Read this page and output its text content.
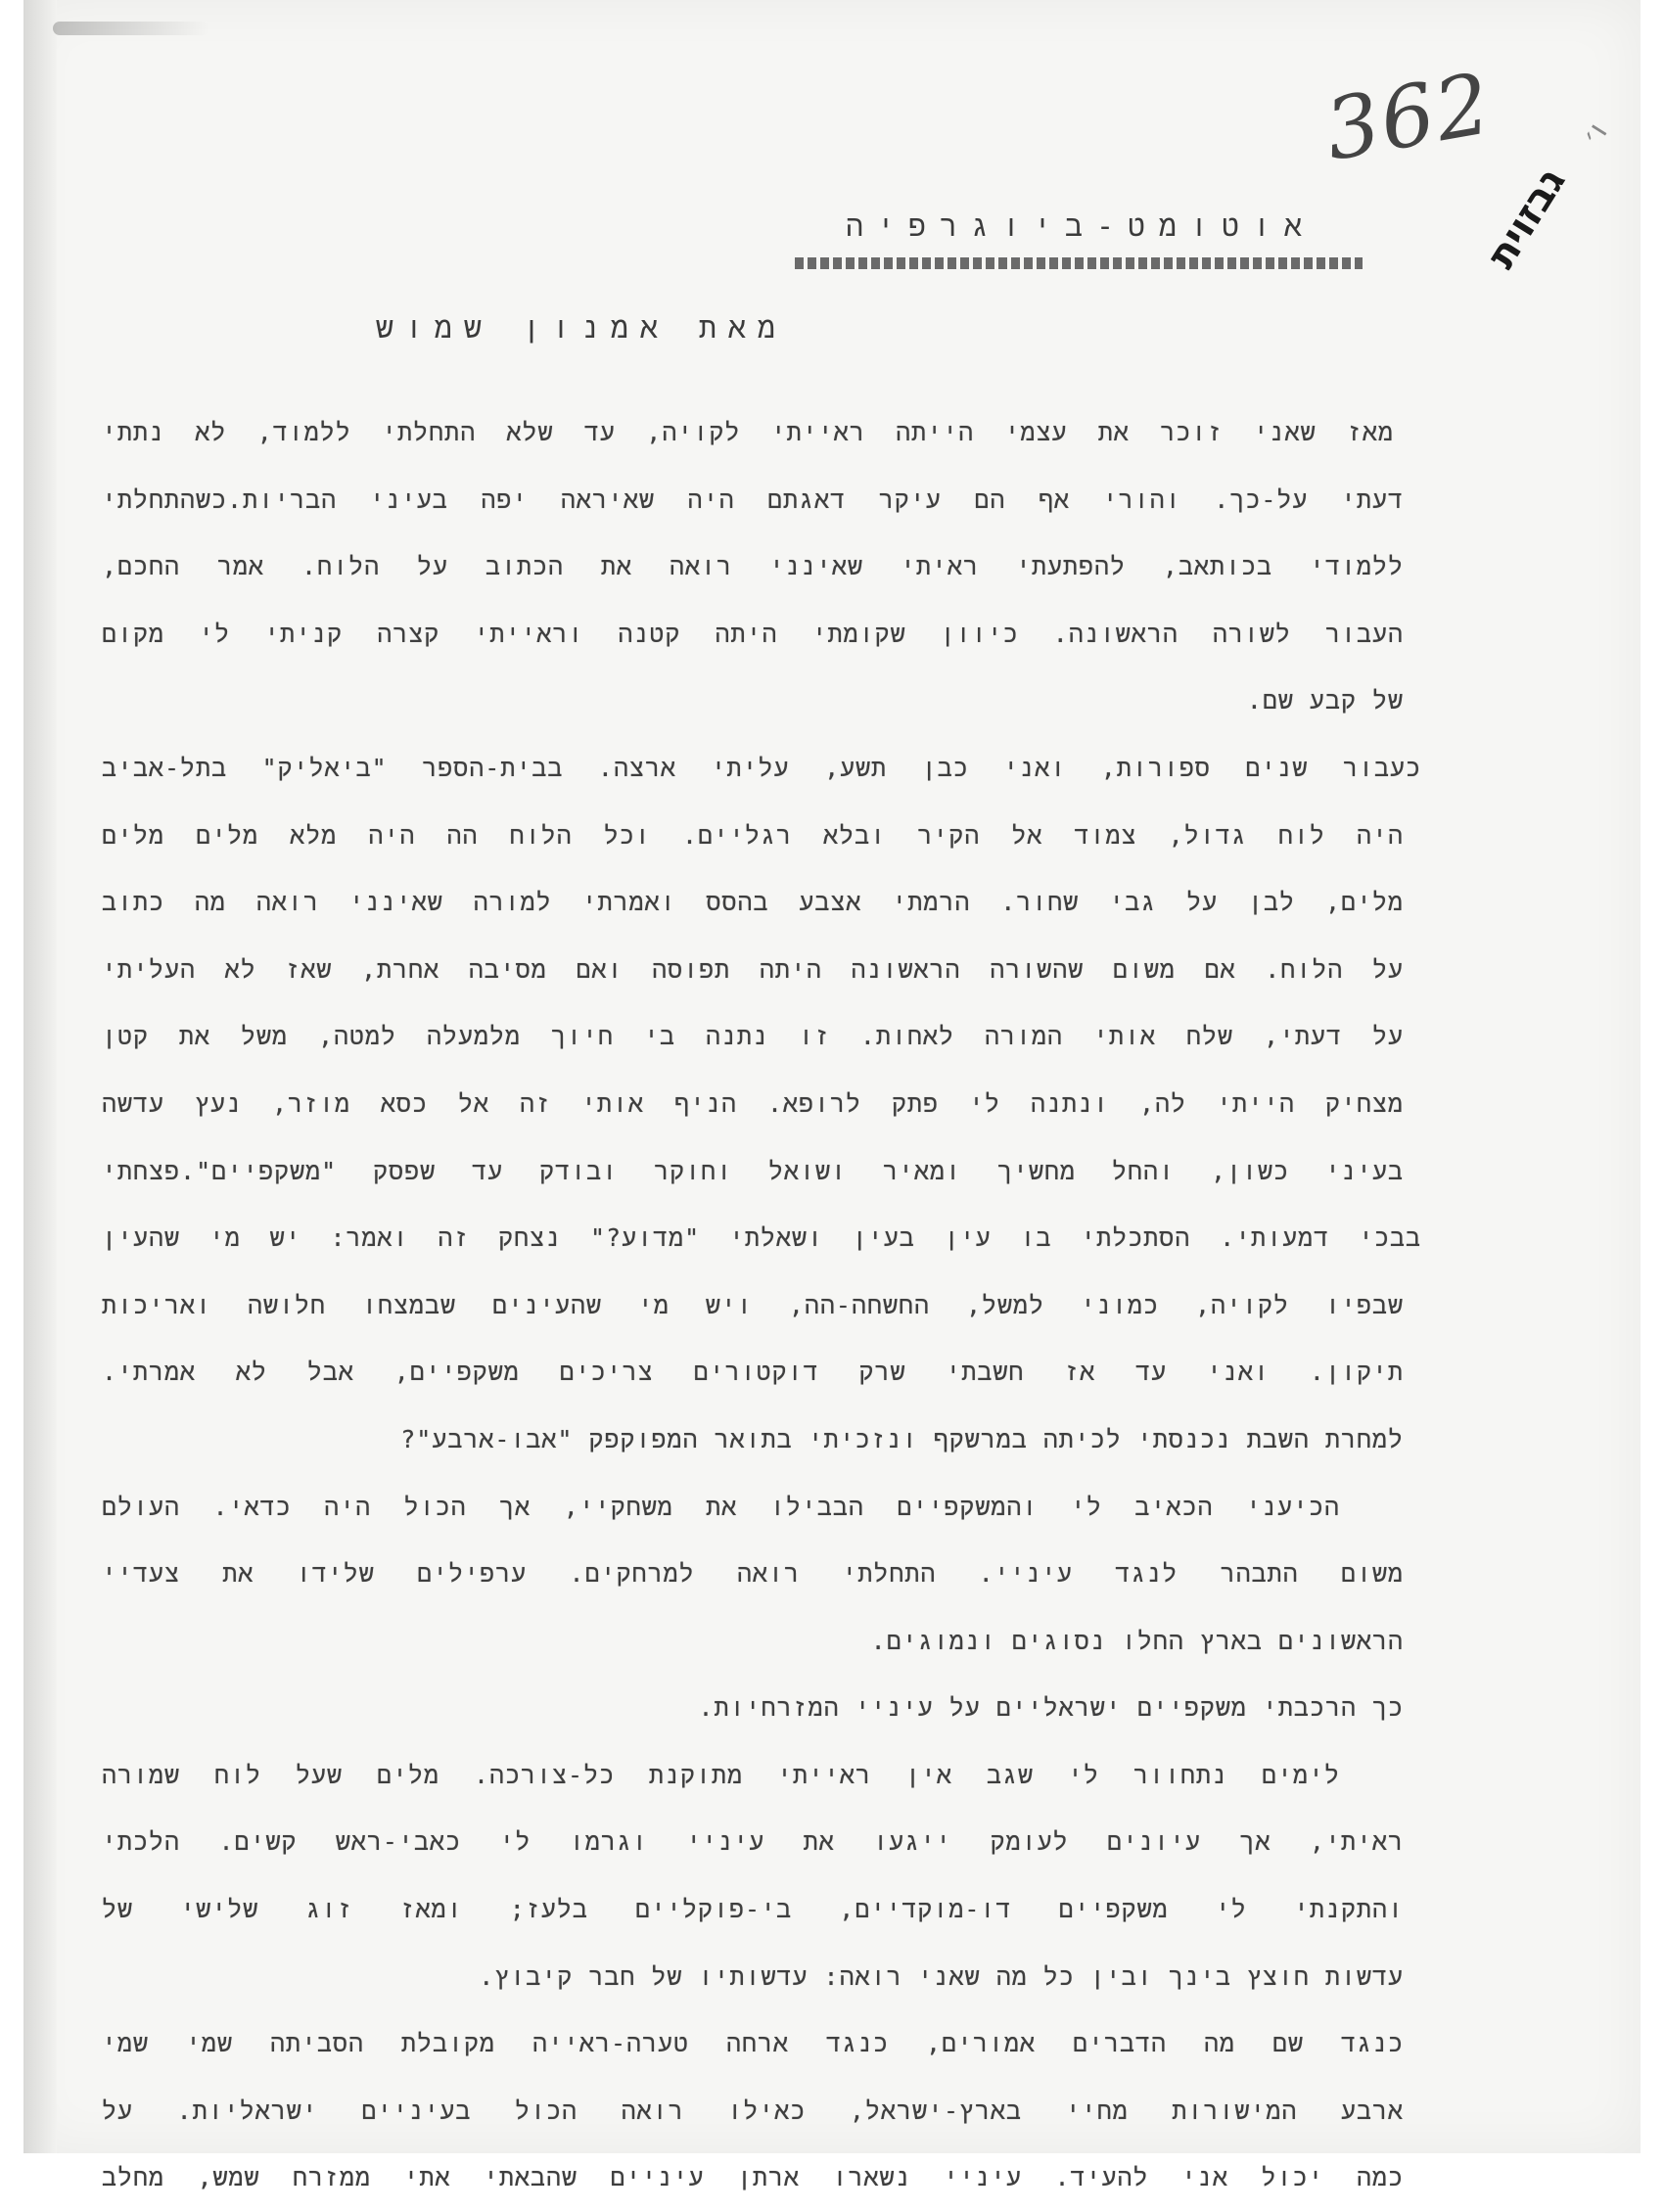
362
גבזוית
ו׳
אוטומט-ביוגרפיה
מאת אמנון שמוש
מאז שאני זוכר את עצמי הייתה ראייתי לקויה, עד שלא התחלתי ללמוד, לא נתתי
דעתי על-כך. והורי אף הם עיקר דאגתם היה שאיראה יפה בעיני הבריות.כשהתחלתי
ללמודי בכותאב, להפתעתי ראיתי שאינני רואה את הכתוב על הלוח. אמר החכם,
העבור לשורה הראשונה. כיוון שקומתי היתה קטנה וראייתי קצרה קניתי לי מקום
של קבע שם.
כעבור שנים ספורות, ואני כבן תשע, עליתי ארצה. בבית-הספר "ביאליק" בתל-אביב
היה לוח גדול, צמוד אל הקיר ובלא רגליים. וכל הלוח הה היה מלא מלים מלים
מלים, לבן על גבי שחור. הרמתי אצבע בהסס ואמרתי למורה שאינני רואה מה כתוב
על הלוח. אם משום שהשורה הראשונה היתה תפוסה ואם מסיבה אחרת, שאז לא העליתי
על דעתי, שלח אותי המורה לאחות. זו נתנה בי חיוך מלמעלה למטה, משל את קטן
מצחיק הייתי לה, ונתנה לי פתק לרופא. הניף אותי זה אל כסא מוזר, נעץ עדשה
בעיני כשון, והחל מחשיך ומאיר ושואל וחוקר ובודק עד שפסק "משקפיים".פצחתי
בבכי דמעותי. הסתכלתי בו עין בעין ושאלתי "מדוע?" נצחק זה ואמר: יש מי שהעין
שבפיו לקויה, כמוני למשל, החשחה-הה, ויש מי שהעינים שבמצחו חלושה ואריכות
תיקון. ואני עד אז חשבתי שרק דוקטורים צריכים משקפיים, אבל לא אמרתי.
למחרת השבת נכנסתי לכיתה במרשקף ונזכיתי בתואר המפוקפק "אבו-ארבע"?
הכיעני הכאיב לי והמשקפיים הבבילו את משחקיי, אך הכול היה כדאי. העולם
משום התבהר לנגד עיניי. התחלתי רואה למרחקים. ערפילים שלידו את צעדיי
הראשונים בארץ החלו נסוגים ונמוגים.
כך הרכבתי משקפיים ישראליים על עיניי המזרחיות.
לימים נתחוור לי שגב אין ראייתי מתוקנת כל-צורכה. מלים שעל לוח שמורה
ראיתי, אך עיונים לעומק ייגעו את עיניי וגרמו לי כאבי-ראש קשים. הלכתי
והתקנתי לי משקפיים דו-מוקדיים, בי-פוקליים בלעז; ומאז זוג שלישי של
עדשות חוצץ בינך ובין כל מה שאני רואה: עדשותיו של חבר קיבוץ.
כנגד שם מה הדברים אמורים, כנגד ארחה טערה-ראייה מקובלת הסביתה שמי שמי
ארבע המישורות מחיי בארץ-ישראל, כאילו רואה הכול בעיניים ישראליות. על
כמה יכול אני להעיד. עיניי נשארו ארתן עיניים שהבאתי אתי ממזרח שמש, מחלב
